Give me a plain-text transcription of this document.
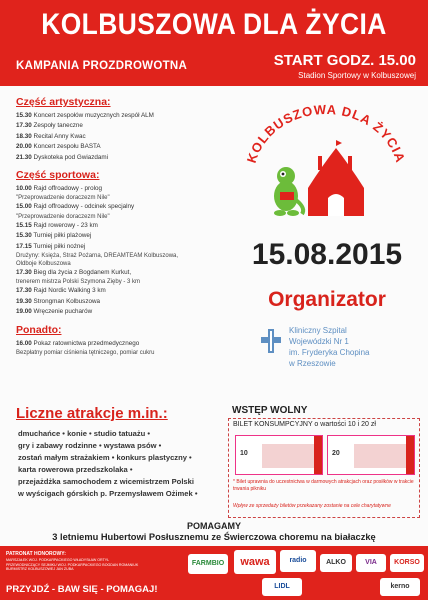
KOLBUSZOWA DLA ŻYCIA
KAMPANIA PROZDROWOTNA	START GODZ. 15.00
Stadion Sportowy w Kolbuszowej
Część artystyczna:
15.30 Koncert zespołów muzycznych zespół ALM
17.30 Zespoły taneczne
18.30 Recital Anny Kwac
20.00 Koncert zespołu BASTA
21.30 Dyskoteka pod Gwiazdami
Część sportowa:
10.00 Rajd offroadowy - prolog
"Przeprowadzenie doraczezm Nile"
15.00 Rajd offroadowy - odcinek specjalny
"Przeprowadzenie doraczezm Nile"
15.15 Rajd rowerowy - 23 km
15.30 Turniej piłki plażowej
17.15 Turniej piłki nożnej
Drużyny: Księża, Straż Pożarna, DREAMTEAM Kolbuszowa,
Oldboje Kolbuszowa
17.30 Bieg dla życia z Bogdanem Kurkut,
trenerem mistrza Polski Szymona Zięby - 3 km
17.30 Rajd Nordic Walking 3 km
19.30 Strongman Kolbuszowa
19.00 Wręczenie pucharów
Ponadto:
16.00 Pokaz ratownictwa przedmedycznego
Bezpłatny pomiar ciśnienia tętniczego, pomiar cukru
Liczne atrakcje m.in.:
dmuchańce • konie • studio tatuażu •
gry i zabawy rodzinne • wystawa psów •
zostań małym strażakiem • konkurs plastyczny •
karta rowerowa przedszkolaka •
przejażdżka samochodem z wicemistrzem Polski
w wyścigach górskich p. Przemysławem Ożimek •
KOLBUSZOWA DLA ŻYCIA
15.08.2015
Organizator
Kliniczny Szpital
Wojewódzki Nr 1
im. Fryderyka Chopina
w Rzeszowie
WSTĘP WOLNY
BILET KONSUMPCYJNY o wartości 10 i 20 zł
10	20
* Bilet uprawnia do uczestnictwa w darmowych atrakcjach oraz posiłków w trakcie trwania pikniku
Wpływ ze sprzedaży biletów przekazany zostanie na cele charytatywne
POMAGAMY
3 letniemu Hubertowi Posłusznemu ze Świerczowa choremu na białaczkę
PATRONAT HONOROWY:
MARSZAŁEK WOJ. PODKARPACKIEGO WŁADYSŁAW ORTYL
PRZEWODNICZĄCY SEJMIKU WOJ. PODKARPACKIEGO BOGDAN ROMANIUK
BURMISTRZ KOLBUSZOWEJ JAN ZUBA
PRZYJDŹ - BAW SIĘ - POMAGAJ!
FARMBIO	wawa	radio	ALKO	VIA	KORSO
LIDL	kerno
